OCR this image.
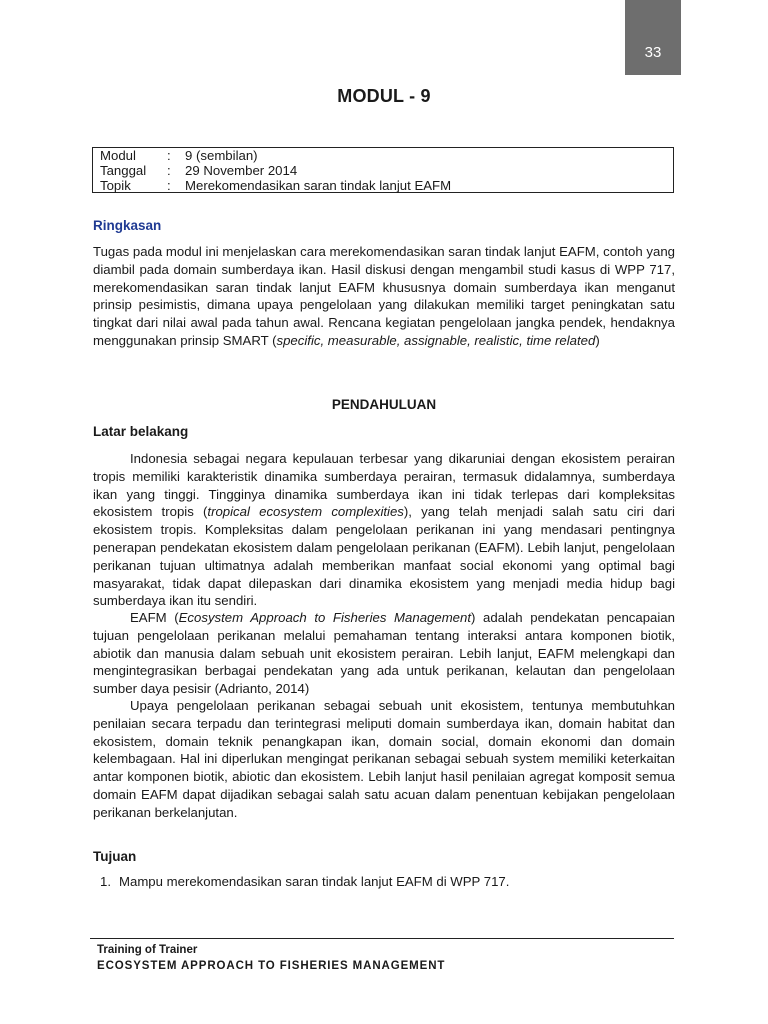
33
MODUL - 9
Modul	:	9 (sembilan)
Tanggal	:	29 November 2014
Topik	:	Merekomendasikan saran tindak lanjut EAFM
Ringkasan

Tugas pada modul ini menjelaskan cara merekomendasikan saran tindak lanjut EAFM, contoh yang diambil pada domain sumberdaya ikan. Hasil diskusi dengan mengambil studi kasus di WPP 717, merekomendasikan saran tindak lanjut EAFM khususnya domain sumberdaya ikan menganut prinsip pesimistis, dimana upaya pengelolaan yang dilakukan memiliki target peningkatan satu tingkat dari nilai awal pada tahun awal. Rencana kegiatan pengelolaan jangka pendek, hendaknya menggunakan prinsip SMART (specific, measurable, assignable, realistic, time related)

PENDAHULUAN
Latar belakang

Indonesia sebagai negara kepulauan terbesar yang dikaruniai dengan ekosistem perairan tropis memiliki karakteristik dinamika sumberdaya perairan, termasuk didalamnya, sumberdaya ikan yang tinggi. Tingginya dinamika sumberdaya ikan ini tidak terlepas dari kompleksitas ekosistem tropis (tropical ecosystem complexities), yang telah menjadi salah satu ciri dari ekosistem tropis. Kompleksitas dalam pengelolaan perikanan ini yang mendasari pentingnya penerapan pendekatan ekosistem dalam pengelolaan perikanan (EAFM). Lebih lanjut, pengelolaan perikanan tujuan ultimatnya adalah memberikan manfaat social ekonomi yang optimal bagi masyarakat, tidak dapat dilepaskan dari dinamika ekosistem yang menjadi media hidup bagi sumberdaya ikan itu sendiri.

EAFM (Ecosystem Approach to Fisheries Management) adalah pendekatan pencapaian tujuan pengelolaan perikanan melalui pemahaman tentang interaksi antara komponen biotik, abiotik dan manusia dalam sebuah unit ekosistem perairan. Lebih lanjut, EAFM melengkapi dan mengintegrasikan berbagai pendekatan yang ada untuk perikanan, kelautan dan pengelolaan sumber daya pesisir (Adrianto, 2014)

Upaya pengelolaan perikanan sebagai sebuah unit ekosistem, tentunya membutuhkan penilaian secara terpadu dan terintegrasi meliputi domain sumberdaya ikan, domain habitat dan ekosistem, domain teknik penangkapan ikan, domain social, domain ekonomi dan domain kelembagaan. Hal ini diperlukan mengingat perikanan sebagai sebuah system memiliki keterkaitan antar komponen biotik, abiotic dan ekosistem. Lebih lanjut hasil penilaian agregat komposit semua domain EAFM dapat dijadikan sebagai salah satu acuan dalam penentuan kebijakan pengelolaan perikanan berkelanjutan.

Tujuan
1. Mampu merekomendasikan saran tindak lanjut EAFM di WPP 717.
Training of Trainer
ECOSYSTEM APPROACH TO FISHERIES MANAGEMENT
